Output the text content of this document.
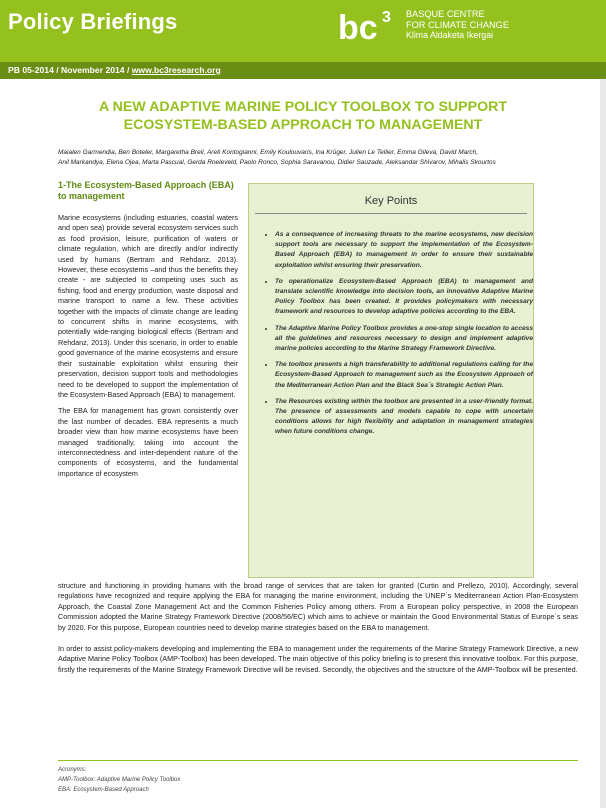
Policy Briefings	bc 3 BASQUE CENTRE
FOR CLIMATE CHANGE
Klima Aldaketa Ikergai
PB 05-2014 / November 2014 / www.bc3research.org
A NEW ADAPTIVE MARINE POLICY TOOLBOX TO SUPPORT
ECOSYSTEM-BASED APPROACH TO MANAGEMENT
Maialen Garmendia, Ben Boteler, Margaretha Breil, Areti Kontogianni, Emily Koulouvaris, Ina Krüger, Julien Le Tellier, Emma Gileva, David March,
Anil Markandya, Elena Ojea, Marta Pascual, Gerda Roeleveld, Paolo Ronco, Sophia Saravanou, Didier Sauzade, Aleksandar Shivarov, Mihalis Skourtos
1-The Ecosystem-Based Approach (EBA) to management

Marine ecosystems (including estuaries, coastal waters and open sea) provide several ecosystem services such as food provision, leisure, purification of waters or climate regulation, which are directly and/or indirectly used by humans (Bertram and Rehdanz, 2013). However, these ecosystems –and thus the benefits they create - are subjected to competing uses such as fishing, food and energy production, waste disposal and marine transport to name a few. These activities together with the impacts of climate change are leading to concurrent shifts in marine ecosystems, with potentially wide-ranging biological effects (Bertram and Rehdanz, 2013). Under this scenario, in order to enable good governance of the marine ecosystems and ensure their sustainable exploitation whilst ensuring their preservation, decision support tools and methodologies need to be developed to support the implementation of the Ecosystem-Based Approach (EBA) to management.

The EBA for management has grown consistently over the last number of decades. EBA represents a much broader view than how marine ecosystems have been managed traditionally, taking into account the interconnectedness and inter-dependent nature of the components of ecosystems, and the fundamental importance of ecosystem

Key Points
• As a consequence of increasing threats to the marine ecosystems, new decision support tools are necessary to support the implementation of the Ecosystem-Based Approach (EBA) to management in order to ensure their sustainable exploitation whilst ensuring their preservation.
• To operationalize Ecosystem-Based Approach (EBA) to management and translate scientific knowledge into decision tools, an innovative Adaptive Marine Policy Toolbox has been created. It provides policymakers with necessary framework and resources to develop adaptive policies according to the EBA.
• The Adaptive Marine Policy Toolbox provides a one-stop single location to access all the guidelines and resources necessary to design and implement adaptive marine policies according to the Marine Strategy Framework Directive.
• The toolbox presents a high transferability to additional regulations calling for the Ecosystem-Based Approach to management such as the Ecosystem Approach of the Mediterranean Action Plan and the Black Sea´s Strategic Action Plan.
• The Resources existing within the toolbox are presented in a user-friendly format. The presence of assessments and models capable to cope with uncertain conditions allows for high flexibility and adaptation in management strategies when future conditions change.

structure and functioning in providing humans with the broad range of services that are taken for granted (Curtin and Prellezo, 2010). Accordingly, several regulations have recognized and require applying the EBA for managing the marine environment, including the UNEP´s Mediterranean Action Plan-Ecosystem Approach, the Coastal Zone Management Act and the Common Fisheries Policy among others. From a European policy perspective, in 2008 the European Commission adopted the Marine Strategy Framework Directive (2008/56/EC) which aims to achieve or maintain the Good Environmental Status of Europe´s seas by 2020. For this purpose, European countries need to develop marine strategies based on the EBA to management.

In order to assist policy-makers developing and implementing the EBA to management under the requirements of the Marine Strategy Framework Directive, a new Adaptive Marine Policy Toolbox (AMP-Toolbox) has been developed. The main objective of this policy briefing is to present this innovative toolbox. For this purpose, firstly the requirements of the Marine Strategy Framework Directive will be revised. Secondly, the objectives and the structure of the AMP-Toolbox will be presented.

Acronyms:
AMP-Toolbox: Adaptive Marine Policy Toolbox
EBA: Ecosystem-Based Approach
